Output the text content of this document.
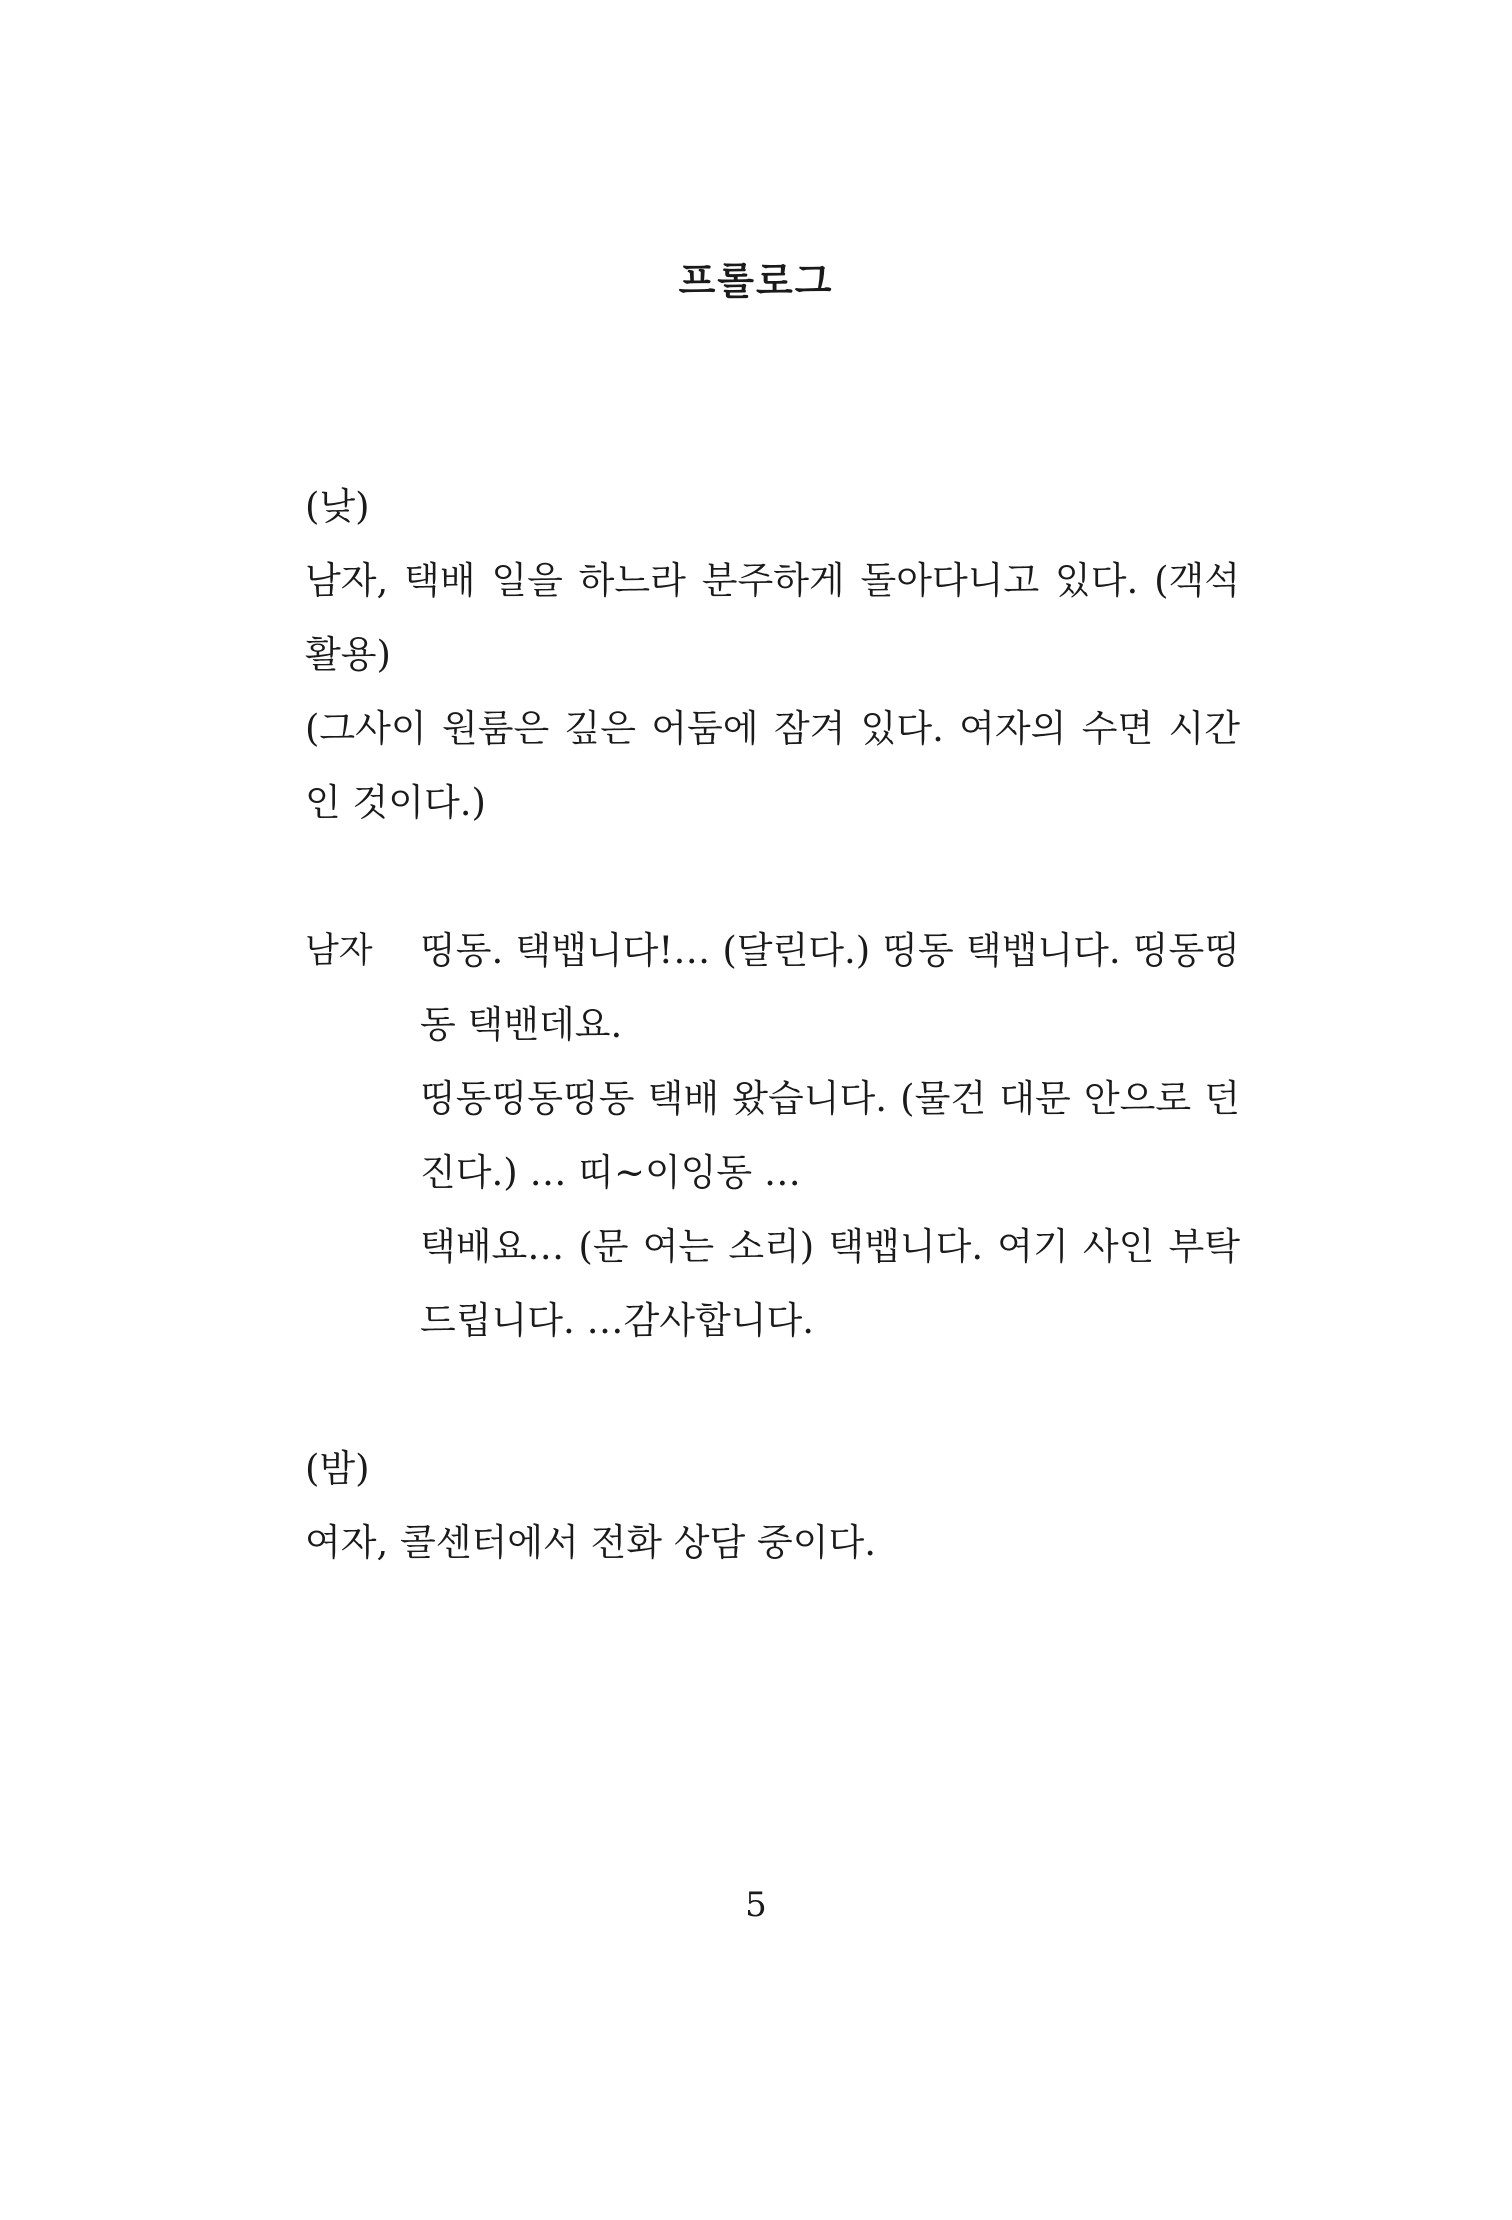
프롤로그

(낮)

남자, 택배 일을 하느라 분주하게 돌아다니고 있다. (객석 활용)

(그사이 원룸은 깊은 어둠에 잠겨 있다. 여자의 수면 시간인 것이다.)

남자	띵동. 택뱁니다!… (달린다.) 띵동 택뱁니다. 띵동띵동 택밴데요.

띵동띵동띵동 택배 왔습니다. (물건 대문 안으로 던진다.) … 띠~이잉동 …

택배요… (문 여는 소리) 택뱁니다. 여기 사인 부탁드립니다. …감사합니다.

(밤)

여자, 콜센터에서 전화 상담 중이다.

5
